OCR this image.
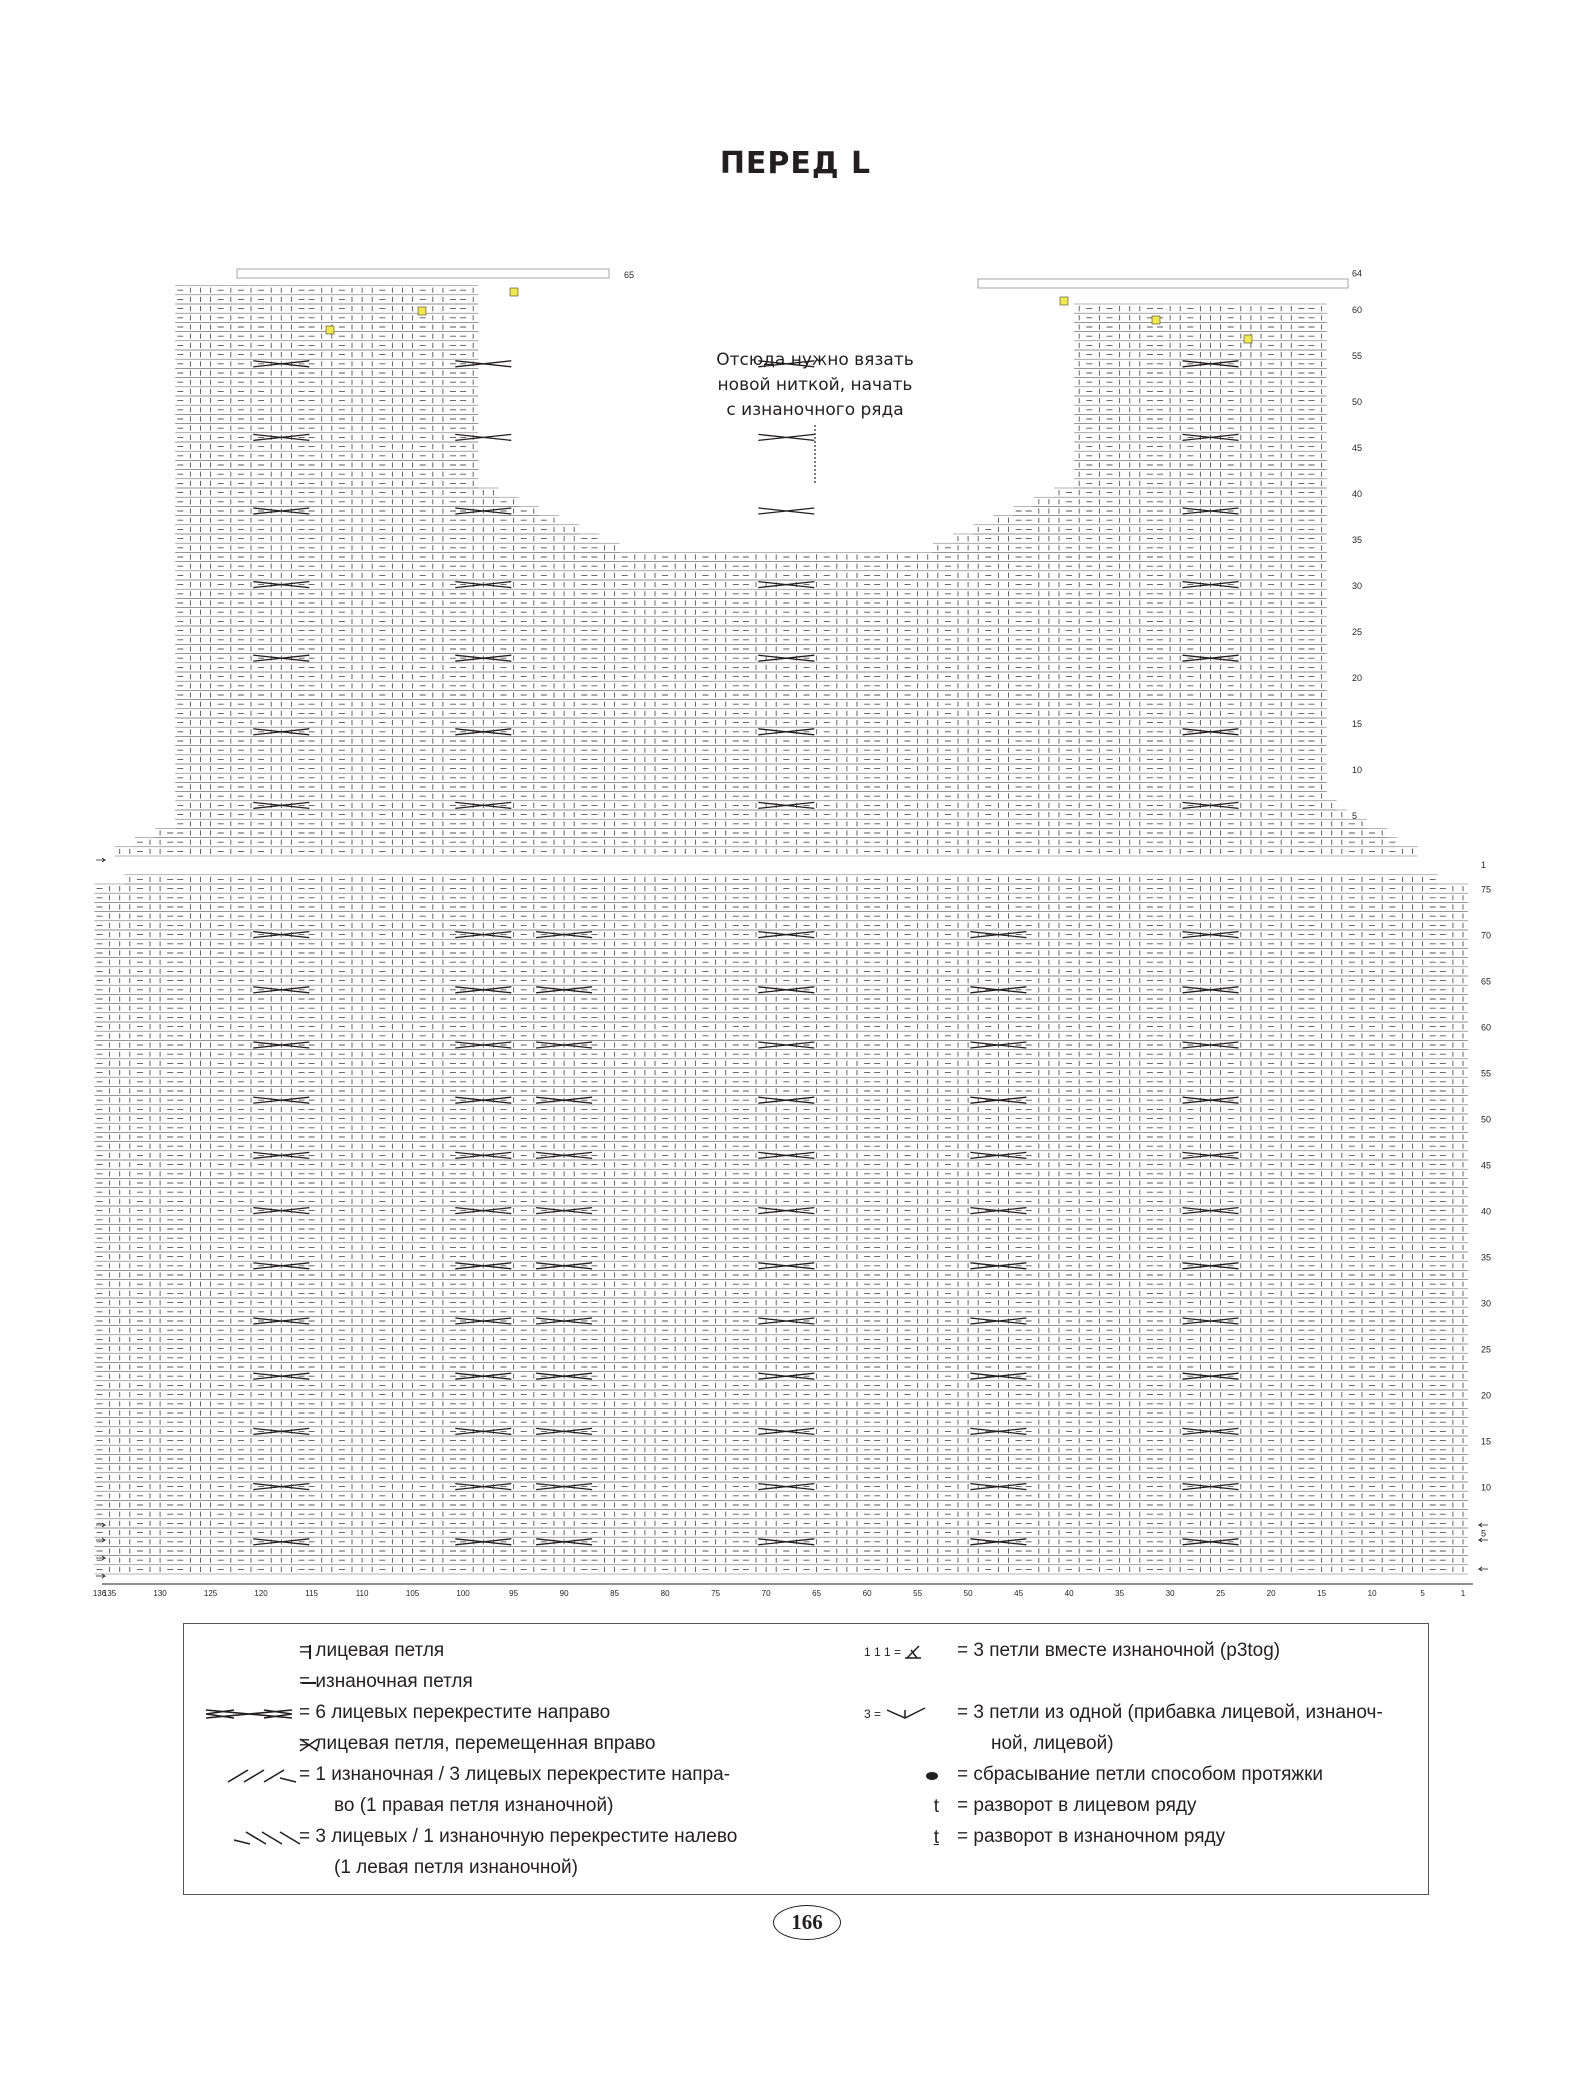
ПЕРЕД L
136
135	130	125	120	115	110	105	100	95	90	85	80	75	70	65	60	55	50	45	40	35	30	25	20	15	10	5	1
1
5
10
15
20
25
30
35
40
45
50
55
60
65
70
75
5
10
15
20
25
30
35
40
45
50
55
60
64
65
Отсюда нужно вязать
новой ниткой, начать
с изнаночного ряда
= лицевая петля
= изнаночная петля
= 6 лицевых перекрестите направо
= лицевая петля, перемещенная вправо
= 1 изнаночная / 3 лицевых перекрестите напра-
во (1 правая петля изнаночной)
= 3 лицевых / 1 изнаночную перекрестите налево
(1 левая петля изнаночной)
1 1 1 =	= 3 петли вместе изнаночной (p3tog)
3 =	= 3 петли из одной (прибавка лицевой, изнаноч-
ной, лицевой)
= сбрасывание петли способом протяжки
t = разворот в лицевом ряду
t = разворот в изнаночном ряду
166
